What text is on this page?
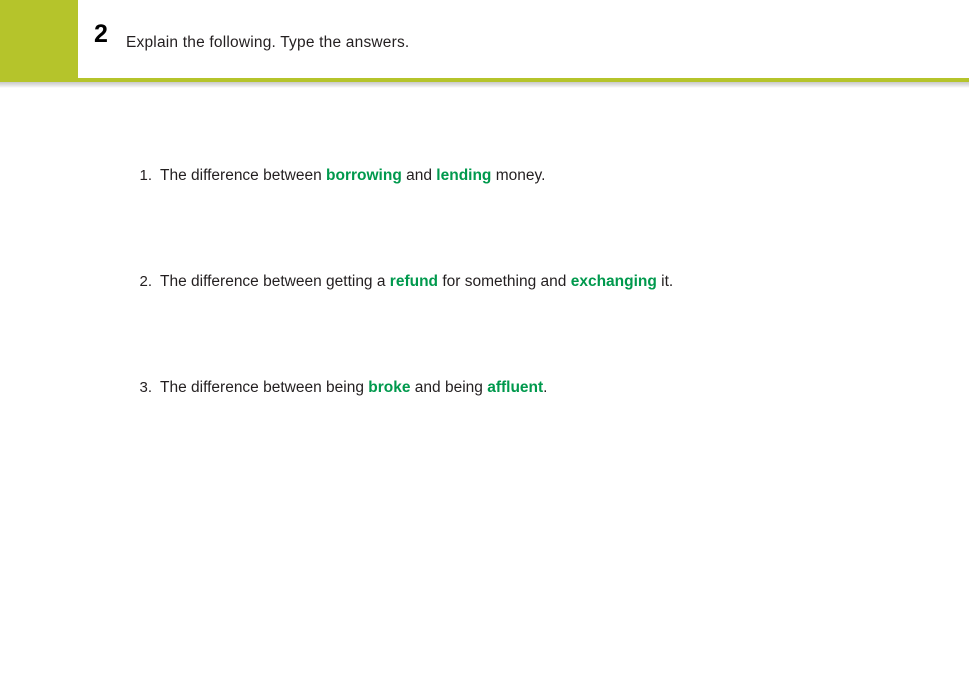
2 Explain the following. Type the answers.
1. The difference between borrowing and lending money.
2. The difference between getting a refund for something and exchanging it.
3. The difference between being broke and being affluent.
